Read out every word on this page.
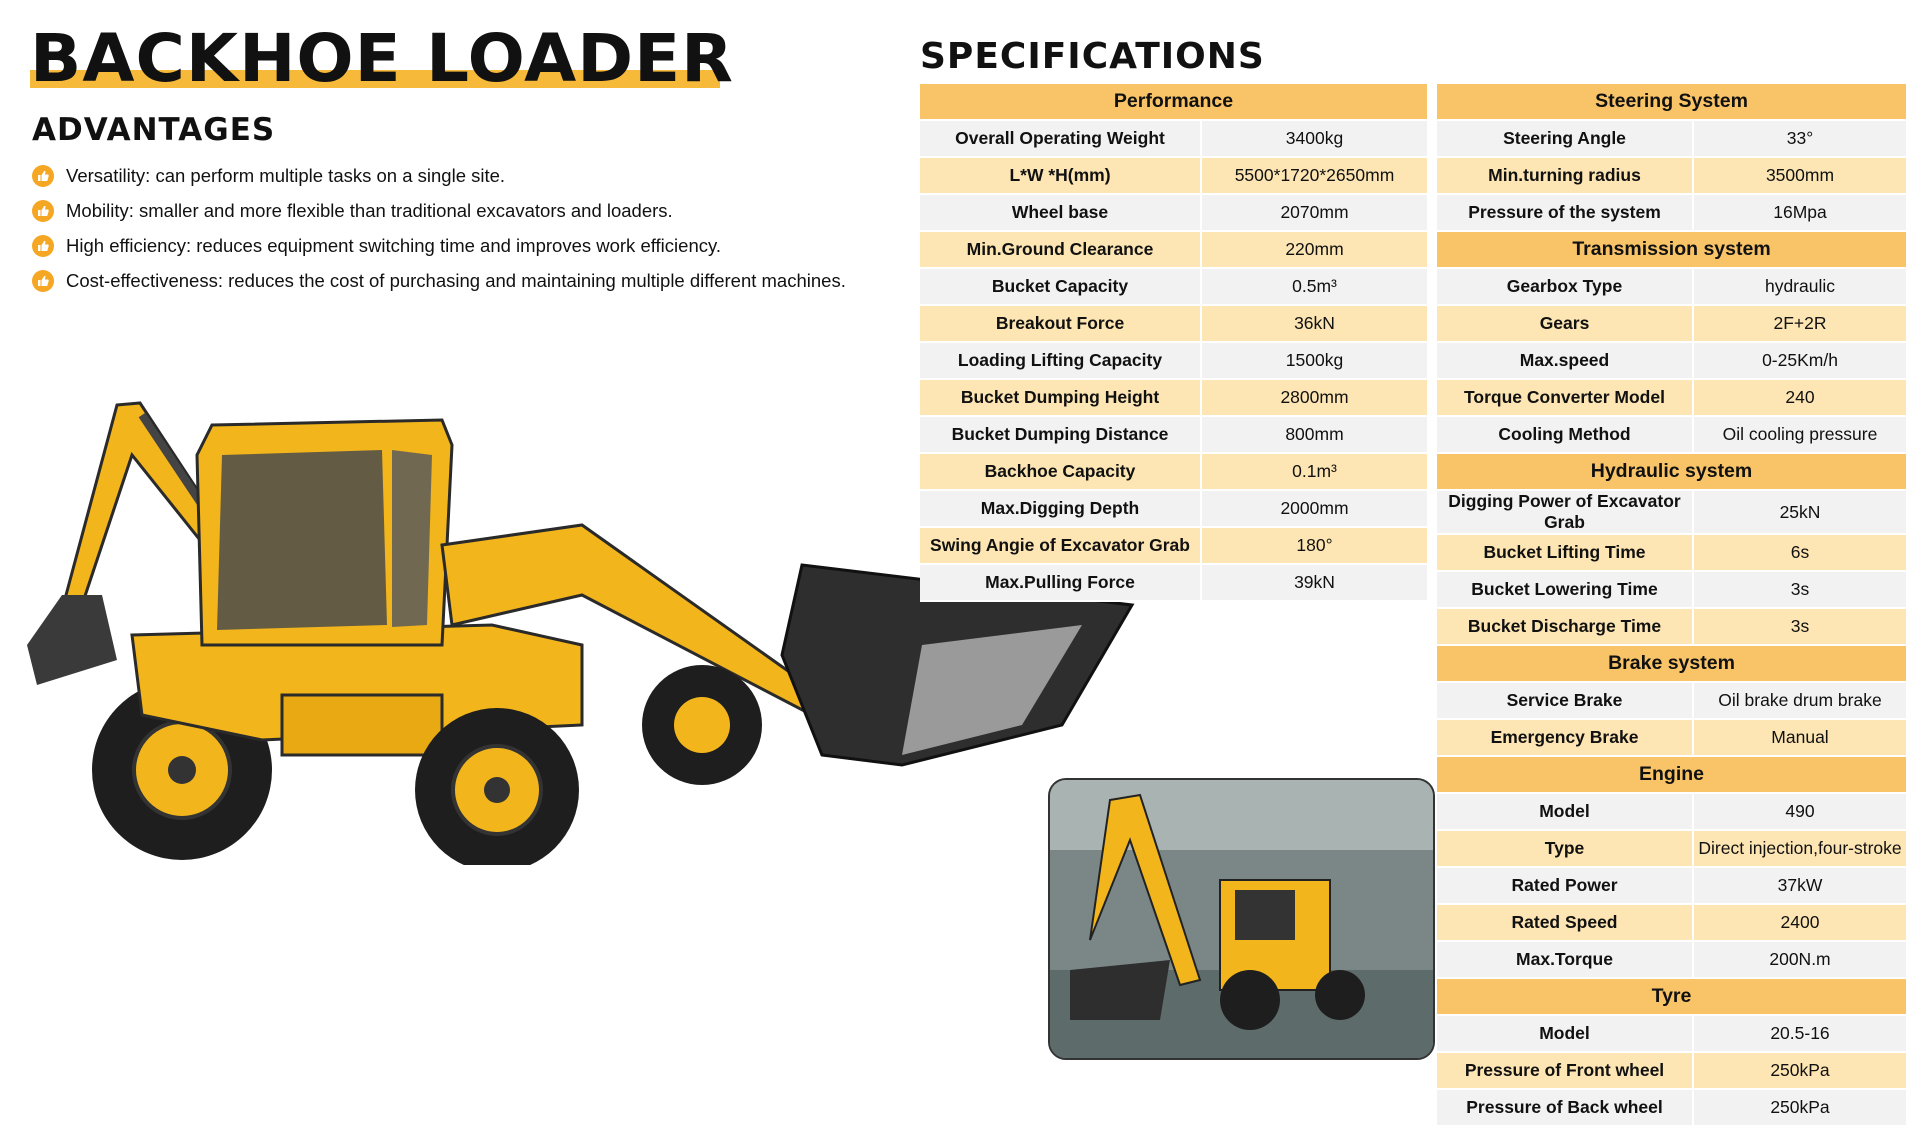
BACKHOE LOADER
ADVANTAGES
Versatility: can perform multiple tasks on a single site.
Mobility: smaller and more flexible than traditional excavators and loaders.
High efficiency: reduces equipment switching time and improves work efficiency.
Cost-effectiveness: reduces the cost of purchasing and maintaining multiple different machines.
SPECIFICATIONS
Performance	
Overall Operating Weight	3400kg
L*W *H(mm)	5500*1720*2650mm
Wheel base	2070mm
Min.Ground Clearance	220mm
Bucket Capacity	0.5m³
Breakout Force	36kN
Loading Lifting Capacity	1500kg
Bucket Dumping Height	2800mm
Bucket Dumping Distance	800mm
Backhoe Capacity	0.1m³
Max.Digging Depth	2000mm
Swing Angie of Excavator Grab	180°
Max.Pulling Force	39kN
Steering System	
Steering Angle	33°
Min.turning radius	3500mm
Pressure of the system	16Mpa
Transmission system	
Gearbox Type	hydraulic
Gears	2F+2R
Max.speed	0-25Km/h
Torque Converter Model	240
Cooling Method	Oil cooling pressure
Hydraulic system	
Digging Power of Excavator Grab	25kN
Bucket Lifting Time	6s
Bucket Lowering Time	3s
Bucket Discharge Time	3s
Brake system	
Service Brake	Oil brake drum brake
Emergency Brake	Manual
Engine	
Model	490
Type	Direct injection,four-stroke
Rated Power	37kW
Rated Speed	2400
Max.Torque	200N.m
Tyre	
Model	20.5-16
Pressure of Front wheel	250kPa
Pressure of Back wheel	250kPa
